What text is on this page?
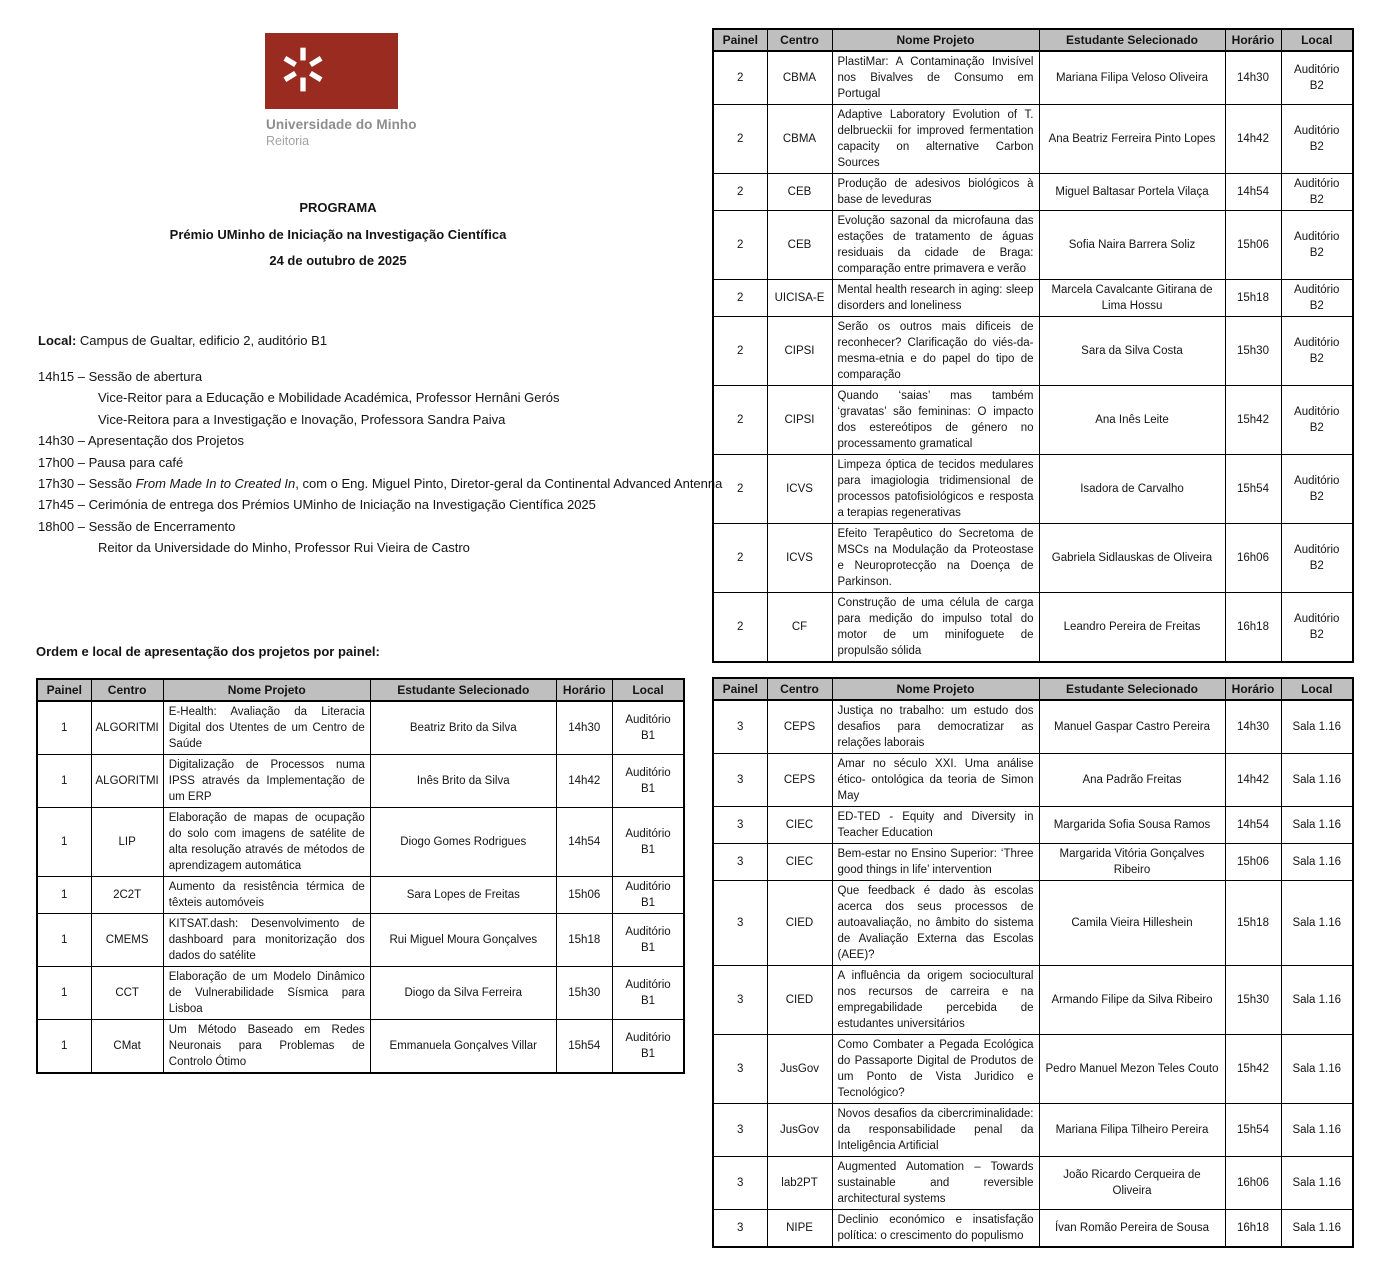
Universidade do Minho
Reitoria
PROGRAMA
Prémio UMinho de Iniciação na Investigação Científica
24 de outubro de 2025
Local: Campus de Gualtar, edificio 2, auditório B1
14h15 – Sessão de abertura
Vice-Reitor para a Educação e Mobilidade Académica, Professor Hernâni Gerós
Vice-Reitora para a Investigação e Inovação, Professora Sandra Paiva
14h30 – Apresentação dos Projetos
17h00 – Pausa para café
17h30 – Sessão From Made In to Created In, com o Eng. Miguel Pinto, Diretor-geral da Continental Advanced Antenna
17h45 – Cerimónia de entrega dos Prémios UMinho de Iniciação na Investigação Científica 2025
18h00 – Sessão de Encerramento
Reitor da Universidade do Minho, Professor Rui Vieira de Castro
Ordem e local de apresentação dos projetos por painel:
Painel	Centro	Nome Projeto	Estudante Selecionado	Horário	Local
1	ALGORITMI	E-Health: Avaliação da Literacia Digital dos Utentes de um Centro de Saúde	Beatriz Brito da Silva	14h30	Auditório B1
1	ALGORITMI	Digitalização de Processos numa IPSS através da Implementação de um ERP	Inês Brito da Silva	14h42	Auditório B1
1	LIP	Elaboração de mapas de ocupação do solo com imagens de satélite de alta resolução através de métodos de aprendizagem automática	Diogo Gomes Rodrigues	14h54	Auditório B1
1	2C2T	Aumento da resistência térmica de têxteis automóveis	Sara Lopes de Freitas	15h06	Auditório B1
1	CMEMS	KITSAT.dash: Desenvolvimento de dashboard para monitorização dos dados do satélite	Rui Miguel Moura Gonçalves	15h18	Auditório B1
1	CCT	Elaboração de um Modelo Dinâmico de Vulnerabilidade Sísmica para Lisboa	Diogo da Silva Ferreira	15h30	Auditório B1
1	CMat	Um Método Baseado em Redes Neuronais para Problemas de Controlo Ótimo	Emmanuela Gonçalves Villar	15h54	Auditório B1
Painel	Centro	Nome Projeto	Estudante Selecionado	Horário	Local
2	CBMA	PlastiMar: A Contaminação Invisível nos Bivalves de Consumo em Portugal	Mariana Filipa Veloso Oliveira	14h30	Auditório B2
2	CBMA	Adaptive Laboratory Evolution of T. delbrueckii for improved fermentation capacity on alternative Carbon Sources	Ana Beatriz Ferreira Pinto Lopes	14h42	Auditório B2
2	CEB	Produção de adesivos biológicos à base de leveduras	Miguel Baltasar Portela Vilaça	14h54	Auditório B2
2	CEB	Evolução sazonal da microfauna das estações de tratamento de águas residuais da cidade de Braga: comparação entre primavera e verão	Sofia Naira Barrera Soliz	15h06	Auditório B2
2	UICISA-E	Mental health research in aging: sleep disorders and loneliness	Marcela Cavalcante Gitirana de Lima Hossu	15h18	Auditório B2
2	CIPSI	Serão os outros mais dificeis de reconhecer? Clarificação do viés-da-mesma-etnia e do papel do tipo de comparação	Sara da Silva Costa	15h30	Auditório B2
2	CIPSI	Quando ‘saias’ mas também ‘gravatas’ são femininas: O impacto dos estereótipos de género no processamento gramatical	Ana Inês Leite	15h42	Auditório B2
2	ICVS	Limpeza óptica de tecidos medulares para imagiologia tridimensional de processos patofisiológicos e resposta a terapias regenerativas	Isadora de Carvalho	15h54	Auditório B2
2	ICVS	Efeito Terapêutico do Secretoma de MSCs na Modulação da Proteostase e Neuroprotecção na Doença de Parkinson.	Gabriela Sidlauskas de Oliveira	16h06	Auditório B2
2	CF	Construção de uma célula de carga para medição do impulso total do motor de um minifoguete de propulsão sólida	Leandro Pereira de Freitas	16h18	Auditório B2
Painel	Centro	Nome Projeto	Estudante Selecionado	Horário	Local
3	CEPS	Justiça no trabalho: um estudo dos desafios para democratizar as relações laborais	Manuel Gaspar Castro Pereira	14h30	Sala 1.16
3	CEPS	Amar no século XXI. Uma análise ético- ontológica da teoria de Simon May	Ana Padrão Freitas	14h42	Sala 1.16
3	CIEC	ED-TED - Equity and Diversity in Teacher Education	Margarida Sofia Sousa Ramos	14h54	Sala 1.16
3	CIEC	Bem-estar no Ensino Superior: ‘Three good things in life’ intervention	Margarida Vitória Gonçalves Ribeiro	15h06	Sala 1.16
3	CIED	Que feedback é dado às escolas acerca dos seus processos de autoavaliação, no âmbito do sistema de Avaliação Externa das Escolas (AEE)?	Camila Vieira Hilleshein	15h18	Sala 1.16
3	CIED	A influência da origem sociocultural nos recursos de carreira e na empregabilidade percebida de estudantes universitários	Armando Filipe da Silva Ribeiro	15h30	Sala 1.16
3	JusGov	Como Combater a Pegada Ecológica do Passaporte Digital de Produtos de um Ponto de Vista Juridico e Tecnológico?	Pedro Manuel Mezon Teles Couto	15h42	Sala 1.16
3	JusGov	Novos desafios da cibercriminalidade: da responsabilidade penal da Inteligência Artificial	Mariana Filipa Tilheiro Pereira	15h54	Sala 1.16
3	lab2PT	Augmented Automation – Towards sustainable and reversible architectural systems	João Ricardo Cerqueira de Oliveira	16h06	Sala 1.16
3	NIPE	Declinio económico e insatisfação política: o crescimento do populismo	Ívan Romão Pereira de Sousa	16h18	Sala 1.16
